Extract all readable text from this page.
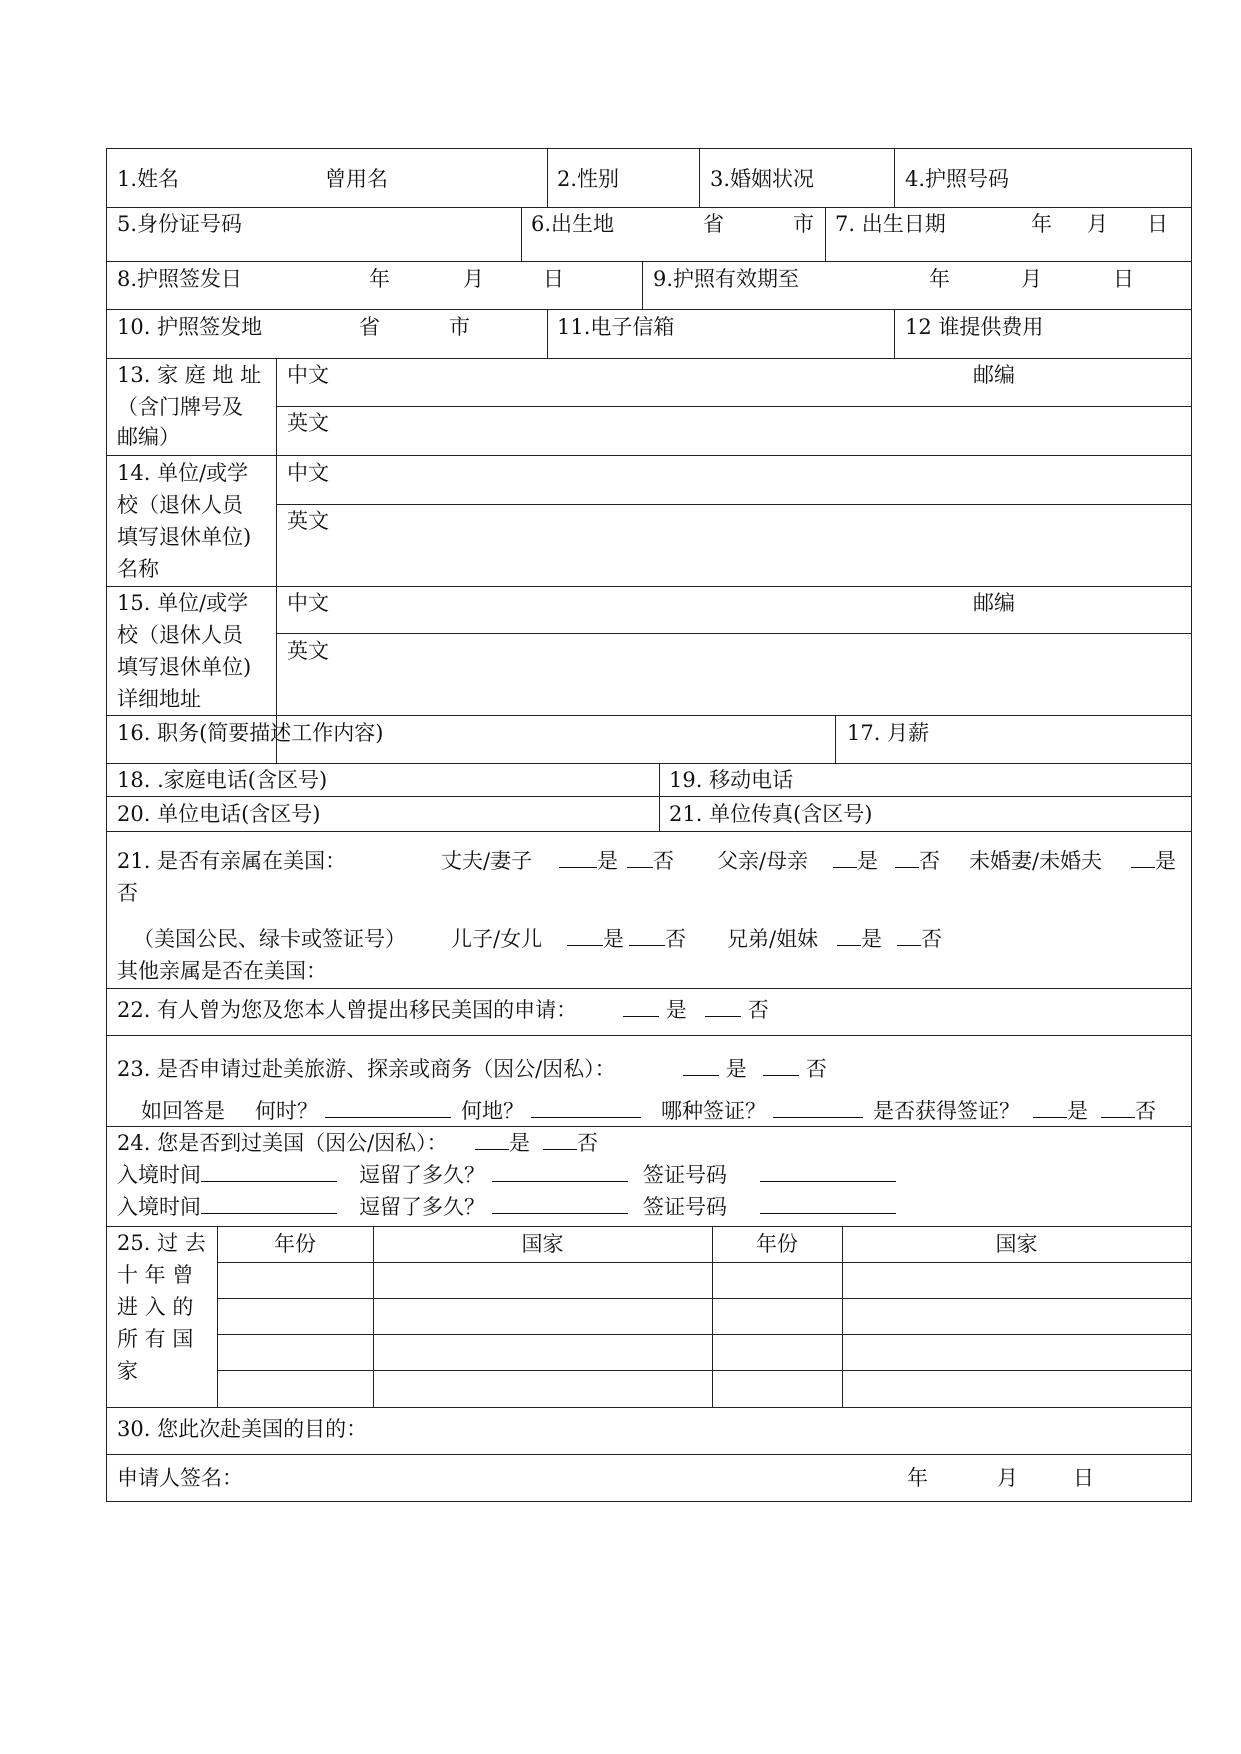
1.姓名	曾用名	2.性别	3.婚姻状况	4.护照号码
5.身份证号码	6.出生地	省	市 7. 出生日期	年 月 日
8.护照签发日	年	月	日	9.护照有效期至	年	月	日
10. 护照签发地	省	市	11.电子信箱	12 谁提供费用
13. 家 庭 地 址
（含门牌号及
邮编）
中文	邮编
英文
14. 单位/或学
校（退休人员
填写退休单位)
名称
中文
英文
15. 单位/或学
校（退休人员
填写退休单位)
详细地址
中文	邮编
英文
16. 职务(简要描述工作内容)	17. 月薪
18. .家庭电话(含区号)	19. 移动电话
20. 单位电话(含区号)	21. 单位传真(含区号)
21. 是否有亲属在美国：	丈夫/妻子	是	否 父亲/母亲	是	否 未婚妻/未婚夫	是
否
（美国公民、绿卡或签证号） 儿子/女儿	是	否 兄弟/姐妹	是	否
其他亲属是否在美国：
22. 有人曾为您及您本人曾提出移民美国的申请：	是	否
23. 是否申请过赴美旅游、探亲或商务（因公/因私）：	是	否
如回答是 何时？	何地？	哪种签证？	是否获得签证？	是	否
24. 您是否到过美国（因公/因私）：	是	否
入境时间	逗留了多久？	签证号码
入境时间	逗留了多久？	签证号码
25. 过 去
十 年 曾
进 入 的
所 有 国
家
年份	国家	年份	国家
30. 您此次赴美国的目的：
申请人签名：	年	月	日
